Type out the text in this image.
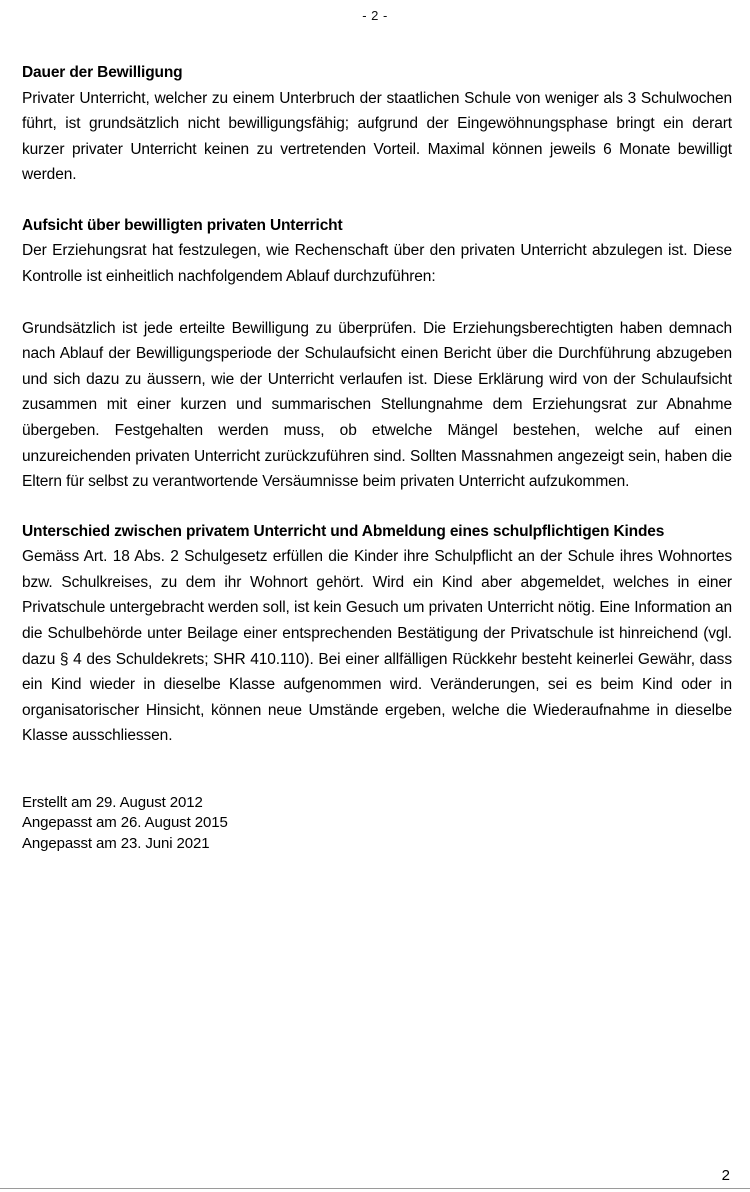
- 2 -
Dauer der Bewilligung

Privater Unterricht, welcher zu einem Unterbruch der staatlichen Schule von weniger als 3 Schulwochen führt, ist grundsätzlich nicht bewilligungsfähig; aufgrund der Eingewöhnungsphase bringt ein derart kurzer privater Unterricht keinen zu vertretenden Vorteil. Maximal können jeweils 6 Monate bewilligt werden.

Aufsicht über bewilligten privaten Unterricht

Der Erziehungsrat hat festzulegen, wie Rechenschaft über den privaten Unterricht abzulegen ist. Diese Kontrolle ist einheitlich nachfolgendem Ablauf durchzuführen:

Grundsätzlich ist jede erteilte Bewilligung zu überprüfen. Die Erziehungsberechtigten haben demnach nach Ablauf der Bewilligungsperiode der Schulaufsicht einen Bericht über die Durchführung abzugeben und sich dazu zu äussern, wie der Unterricht verlaufen ist. Diese Erklärung wird von der Schulaufsicht zusammen mit einer kurzen und summarischen Stellungnahme dem Erziehungsrat zur Abnahme übergeben. Festgehalten werden muss, ob etwelche Mängel bestehen, welche auf einen unzureichenden privaten Unterricht zurückzuführen sind. Sollten Massnahmen angezeigt sein, haben die Eltern für selbst zu verantwortende Versäumnisse beim privaten Unterricht aufzukommen.

Unterschied zwischen privatem Unterricht und Abmeldung eines schulpflichtigen Kindes

Gemäss Art. 18 Abs. 2 Schulgesetz erfüllen die Kinder ihre Schulpflicht an der Schule ihres Wohnortes bzw. Schulkreises, zu dem ihr Wohnort gehört. Wird ein Kind aber abgemeldet, welches in einer Privatschule untergebracht werden soll, ist kein Gesuch um privaten Unterricht nötig. Eine Information an die Schulbehörde unter Beilage einer entsprechenden Bestätigung der Privatschule ist hinreichend (vgl. dazu § 4 des Schuldekrets; SHR 410.110). Bei einer allfälligen Rückkehr besteht keinerlei Gewähr, dass ein Kind wieder in dieselbe Klasse aufgenommen wird. Veränderungen, sei es beim Kind oder in organisatorischer Hinsicht, können neue Umstände ergeben, welche die Wiederaufnahme in dieselbe Klasse ausschliessen.

Erstellt am 29. August 2012

Angepasst am 26. August 2015

Angepasst am 23. Juni 2021

2
